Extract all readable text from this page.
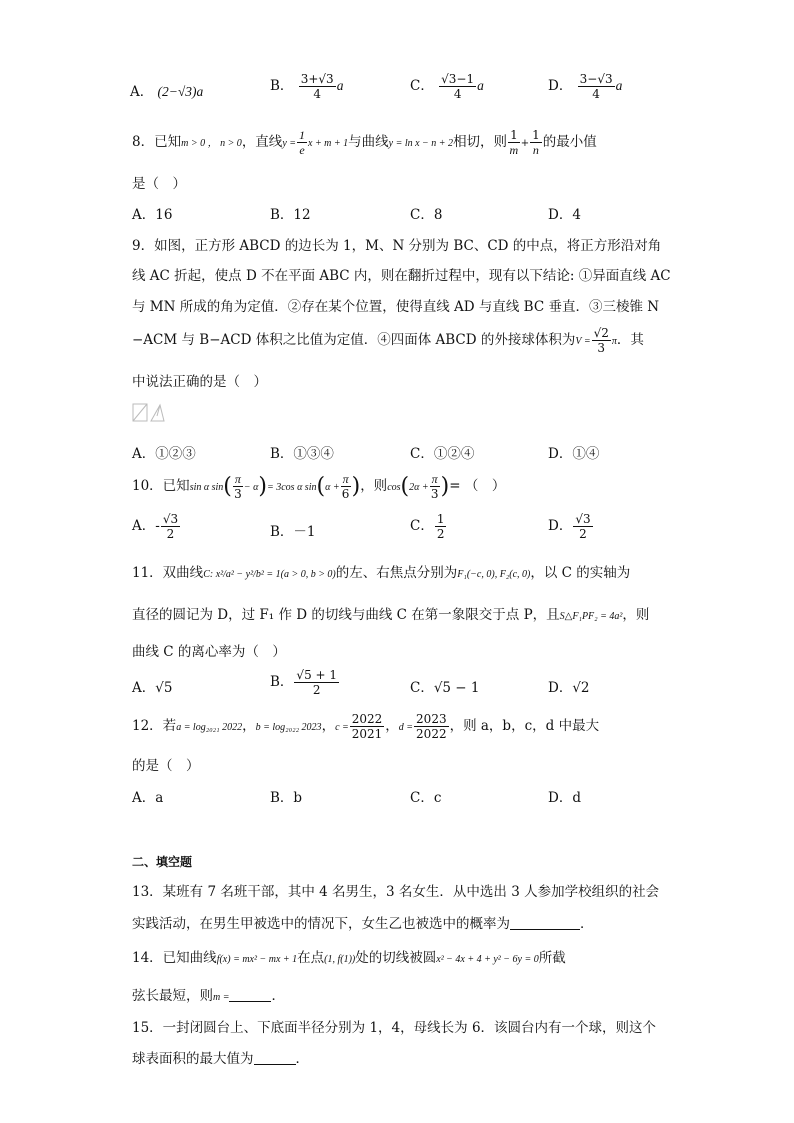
A． (2−√3)a	B． $\frac{3+√3}{4}$ a	C． $\frac{√3-1}{4}$ a	D． $\frac{3-√3}{4}$ a
8．已知m > 0 ， n > 0，直线$y = \frac{1}{e}$ x + m + 1与曲线y = ln x − n + 2相切，则 $\frac{1}{m} + \frac{1}{n}$ 的最小值
是（　）
A．16	B．12	C．8	D．4
9．如图，正方形 ABCD 的边长为 1，M、N 分别为 BC、CD 的中点，将正方形沿对角
线 AC 折起，使点 D 不在平面 ABC 内，则在翻折过程中，现有以下结论: ①异面直线 AC
与 MN 所成的角为定值．②存在某个位置，使得直线 AD 与直线 BC 垂直．③三棱锥 N
−ACM 与 B−ACD 体积之比值为定值．④四面体 ABCD 的外接球体积为$V = \frac{√2}{3}$ π．其
中说法正确的是（　）
A．①②③	B．①③④	C．①②④	D．①④
10．已知sin α $\sin( \frac{\pi}{3} - \alpha)= 3\cos$ α $\sin(\alpha + \frac{\pi}{6}$ )，则$\cos(2\alpha + \frac{\pi}{3}$ )= （　）
A．- $\frac{√3}{2}$	B．－1	C． $\frac{1}{2}$	D． $\frac{√3}{2}$
11．双曲线C: x²/a² − y²/b² = 1(a > 0, b > 0)的左、右焦点分别为F₁(−c, 0), F₂(c, 0)，以 C 的实轴为
直径的圆记为 D，过 F₁ 作 D 的切线与曲线 C 在第一象限交于点 P，且S△F₁PF₂ = 4a²，则
曲线 C 的离心率为（　）
A．√5	B． $\frac{√5 + 1}{2}$	C．√5 − 1	D．√2
12．若a = log₂₀₂₁ 2022，b = log₂₀₂₂ 2023，$c = \frac{2022}{2021}$ ，$d = \frac{2023}{2022}$ ，则 a，b，c，d 中最大
的是（　）
A．a	B．b	C．c	D．d
二、填空题
13．某班有 7 名班干部，其中 4 名男生，3 名女生．从中选出 3 人参加学校组织的社会
实践活动，在男生甲被选中的情况下，女生乙也被选中的概率为	．
14．已知曲线f(x) = mx² − mx + 1在点(1, f(1))处的切线被圆x² − 4x + 4 + y² − 6y = 0所截
弦长最短，则m =	．
15．一封闭圆台上、下底面半径分别为 1，4，母线长为 6．该圆台内有一个球，则这个
球表面积的最大值为	．
